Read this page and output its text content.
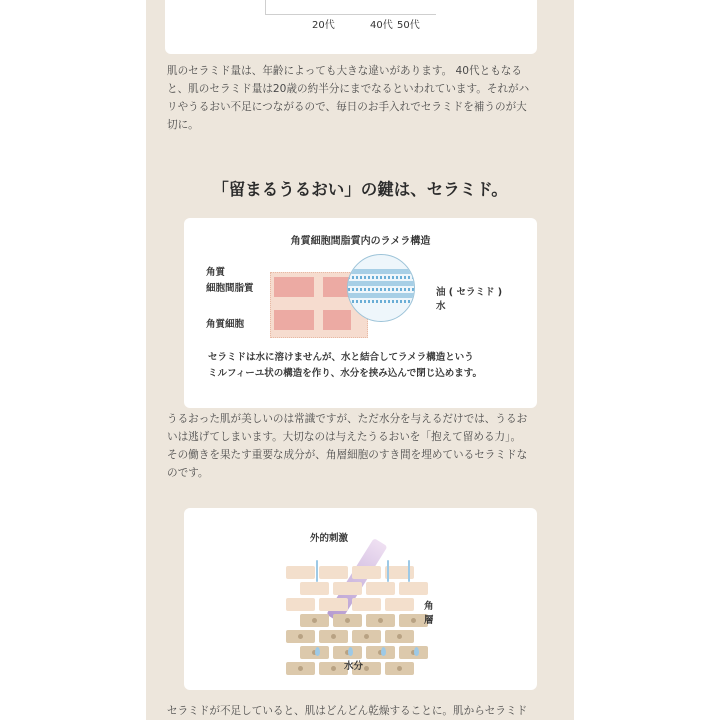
20代	40代 50代
肌のセラミド量は、年齢によっても大きな違いがあります。 40代ともなる
と、肌のセラミド量は20歳の約半分にまでなるといわれています。それがハ
リやうるおい不足につながるので、毎日のお手入れでセラミドを補うのが大
切に。
「留まるうるおい」の鍵は、セラミド。
角質細胞間脂質内のラメラ構造
角質
細胞間脂質
角質細胞
油 ( セラミド )
水
セラミドは水に溶けませんが、水と結合してラメラ構造という
ミルフィーユ状の構造を作り、水分を挟み込んで閉じ込めます。
うるおった肌が美しいのは常識ですが、ただ水分を与えるだけでは、うるお
いは逃げてしまいます。大切なのは与えたうるおいを「抱えて留める力」。
その働きを果たす重要な成分が、角層細胞のすき間を埋めているセラミドな
のです。
外的刺激
角
層
水分
セラミドが不足していると、肌はどんどん乾燥することに。肌からセラミド
